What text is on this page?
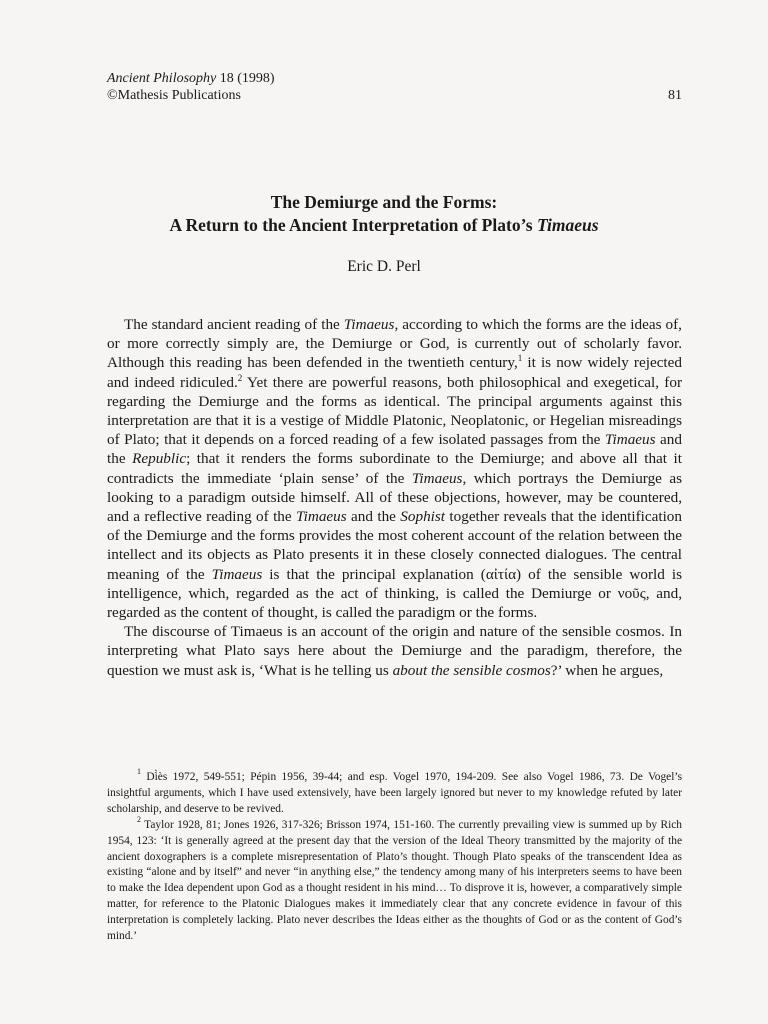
Ancient Philosophy 18 (1998)
©Mathesis Publications	81
The Demiurge and the Forms:
A Return to the Ancient Interpretation of Plato’s Timaeus
Eric D. Perl

The standard ancient reading of the Timaeus, according to which the forms are the ideas of, or more correctly simply are, the Demiurge or God, is currently out of scholarly favor. Although this reading has been defended in the twentieth century,$^1$ it is now widely rejected and indeed ridiculed.$^2$ Yet there are powerful reasons, both philosophical and exegetical, for regarding the Demiurge and the forms as identical. The principal arguments against this interpretation are that it is a vestige of Middle Platonic, Neoplatonic, or Hegelian misreadings of Plato; that it depends on a forced reading of a few isolated passages from the Timaeus and the Republic; that it renders the forms subordinate to the Demiurge; and above all that it contradicts the immediate ‘plain sense’ of the Timaeus, which portrays the Demiurge as looking to a paradigm outside himself. All of these objections, however, may be countered, and a reflective reading of the Timaeus and the Sophist together reveals that the identification of the Demiurge and the forms provides the most coherent account of the relation between the intellect and its objects as Plato presents it in these closely connected dialogues. The central meaning of the Timaeus is that the principal explanation (αἰτία) of the sensible world is intelligence, which, regarded as the act of thinking, is called the Demiurge or νοῦς, and, regarded as the content of thought, is called the paradigm or the forms.

The discourse of Timaeus is an account of the origin and nature of the sensible cosmos. In interpreting what Plato says here about the Demiurge and the paradigm, therefore, the question we must ask is, ‘What is he telling us about the sensible cosmos?’ when he argues,

$^1$ Dì̀ès 1972, 549-551; Pépin 1956, 39-44; and esp. Vogel 1970, 194-209. See also Vogel 1986, 73. De Vogel’s insightful arguments, which I have used extensively, have been largely ignored but never to my knowledge refuted by later scholarship, and deserve to be revived.

$^2$ Taylor 1928, 81; Jones 1926, 317-326; Brisson 1974, 151-160. The currently prevailing view is summed up by Rich 1954, 123: ‘It is generally agreed at the present day that the version of the Ideal Theory transmitted by the majority of the ancient doxographers is a complete misrepresentation of Plato’s thought. Though Plato speaks of the transcendent Idea as existing “alone and by itself” and never “in anything else,” the tendency among many of his interpreters seems to have been to make the Idea dependent upon God as a thought resident in his mind… To disprove it is, however, a comparatively simple matter, for reference to the Platonic Dialogues makes it immediately clear that any concrete evidence in favour of this interpretation is completely lacking. Plato never describes the Ideas either as the thoughts of God or as the content of God’s mind.’
